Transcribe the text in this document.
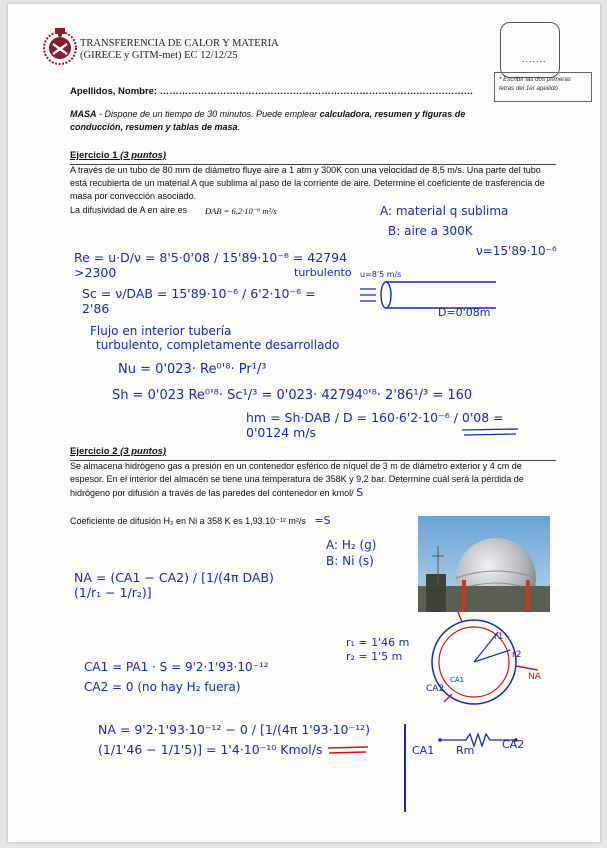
TRANSFERENCIA DE CALOR Y MATERIA
(GIRECE y GITM-met) EC 12/12/25	.......
* Escribir las dos primeras letras del 1er apellido
Apellidos, Nombre: ………………………………………………………………………………………
MASA - Dispone de un tiempo de 30 minutos. Puede emplear calculadora, resumen y figuras de conducción, resumen y tablas de masa.
Ejercicio 1 (3 puntos)
A través de un tubo de 80 mm de diámetro fluye aire a 1 atm y 300K con una velocidad de 8,5 m/s. Una parte del tubo está recubierta de un material A que sublima al paso de la corriente de aire. Determine el coeficiente de trasferencia de masa por convección asociado.
La difusividad de A en aire es DAB = 6,2·10⁻⁶ m²/s	A: material q sublima
B: aire a 300K
ν=15'89·10⁻⁶
Re = u·D/ν = 8'5·0'08 / 15'89·10⁻⁶ = 42794 >2300	turbulento
Sc = ν/DAB = 15'89·10⁻⁶ / 6'2·10⁻⁶ = 2'86
u=8'5 m/s
D=0'08m
Flujo en interior tubería
turbulento, completamente desarrollado
Nu = 0'023· Re⁰'⁸· Pr¹/³
Sh = 0'023 Re⁰'⁸· Sc¹/³ = 0'023· 42794⁰'⁸· 2'86¹/³ = 160
hm = Sh·DAB / D = 160·6'2·10⁻⁶ / 0'08 = 0'0124 m/s
Ejercicio 2 (3 puntos)
Se almacena hidrógeno gas a presión en un contenedor esférico de níquel de 3 m de diámetro exterior y 4 cm de espesor. En el interior del almacén se tiene una temperatura de 358K y 9,2 bar. Determine cuál será la perdida de hidrógeno por difusión a través de las paredes del contenedor en kmol/ S
Coeficiente de difusión H₂ en Ni a 358 K es 1,93.10⁻¹² m²/s =S
A: H₂ (g)
B: Ni (s)
NA = (CA1 − CA2) / [1/(4π DAB) (1/r₁ − 1/r₂)]
r₁ = 1'46 m
r₂ = 1'5 m
r1
r2
CA2
CA1	NA
CA1 = PA1 · S = 9'2·1'93·10⁻¹²
CA2 = 0 (no hay H₂ fuera)
NA = 9'2·1'93·10⁻¹² − 0 / [1/(4π 1'93·10⁻¹²) (1/1'46 − 1/1'5)] = 1'4·10⁻¹⁰ Kmol/s	CA1 Rm	CA2
